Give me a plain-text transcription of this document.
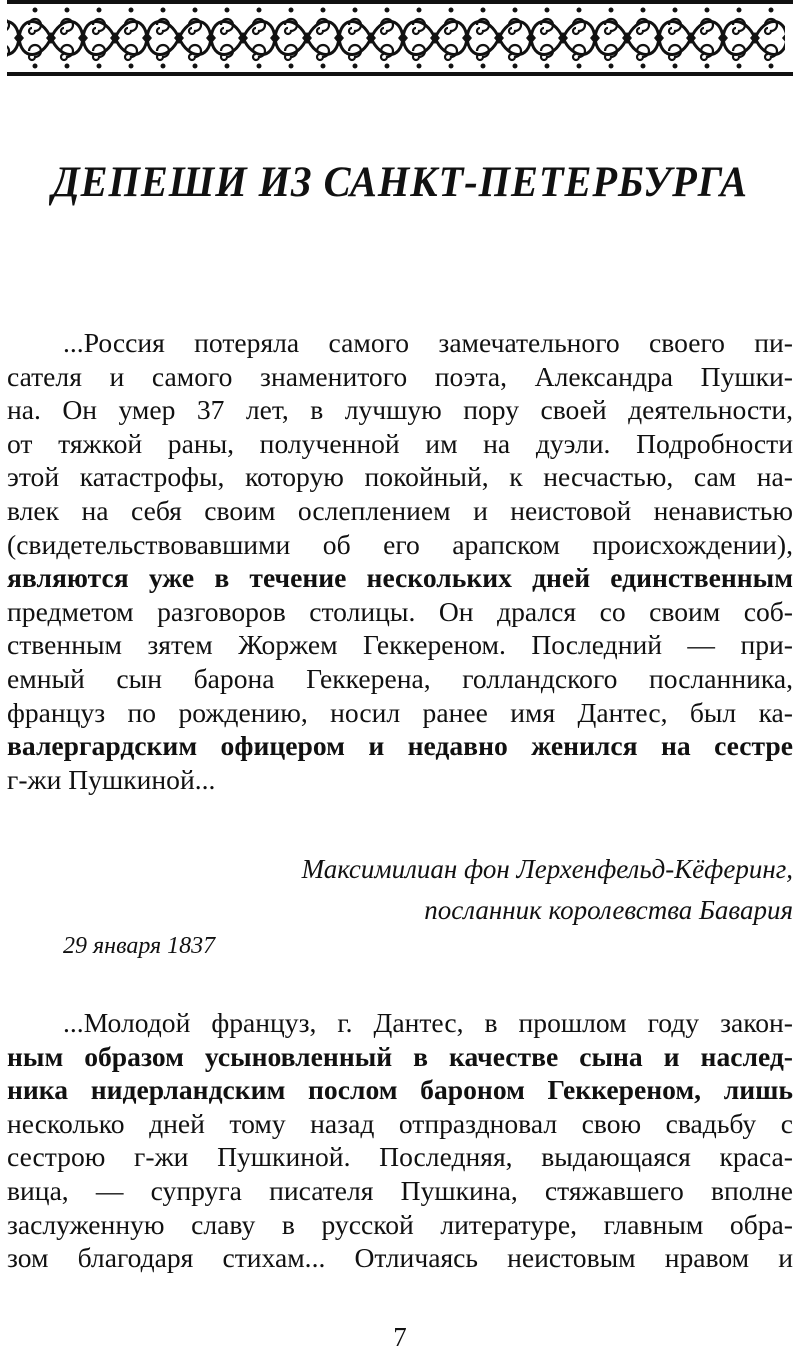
ДЕПЕШИ ИЗ САНКТ-ПЕТЕРБУРГА
...Россия потеряла самого замечательного своего пи-
сателя и самого знаменитого поэта, Александра Пушки-
на. Он умер 37 лет, в лучшую пору своей деятельности,
от тяжкой раны, полученной им на дуэли. Подробности
этой катастрофы, которую покойный, к несчастью, сам на-
влек на себя своим ослеплением и неистовой ненавистью
(свидетельствовавшими об его арапском происхождении),
являются уже в течение нескольких дней единственным
предметом разговоров столицы. Он дрался со своим соб-
ственным зятем Жоржем Геккереном. Последний — при-
емный сын барона Геккерена, голландского посланника,
француз по рождению, носил ранее имя Дантес, был ка-
валергардским офицером и недавно женился на сестре
г-жи Пушкиной...
Максимилиан фон Лерхенфельд-Кёферинг,
посланник королевства Бавария
29 января 1837
...Молодой француз, г. Дантес, в прошлом году закон-
ным образом усыновленный в качестве сына и наслед-
ника нидерландским послом бароном Геккереном, лишь
несколько дней тому назад отпраздновал свою свадьбу с
сестрою г-жи Пушкиной. Последняя, выдающаяся краса-
вица, — супруга писателя Пушкина, стяжавшего вполне
заслуженную славу в русской литературе, главным обра-
зом благодаря стихам... Отличаясь неистовым нравом и
7
